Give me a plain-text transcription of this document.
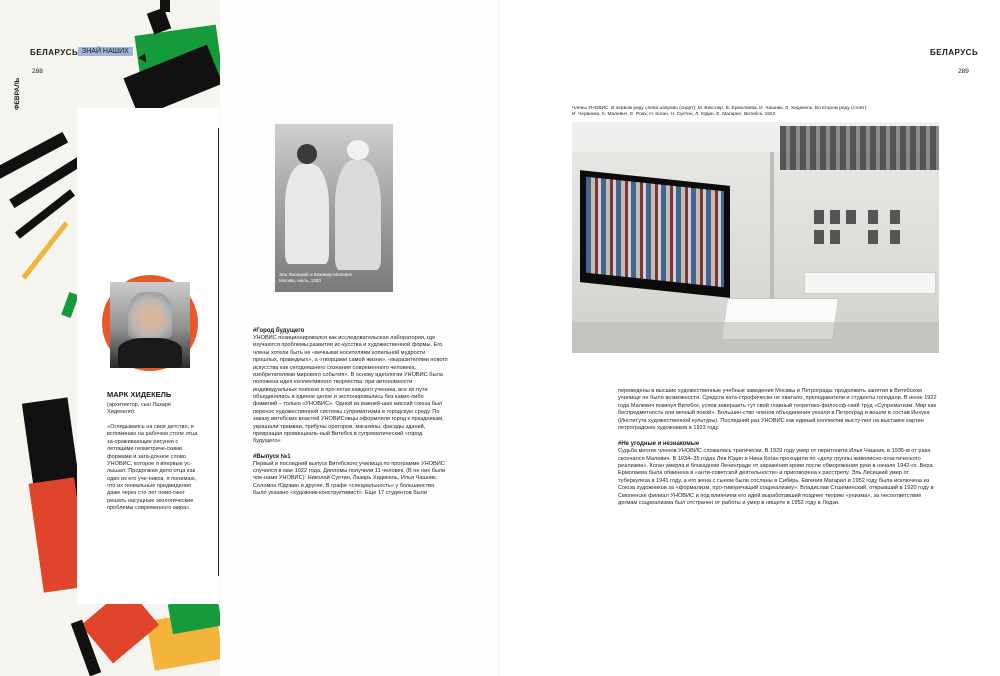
БЕЛАРУСЬ ЗНАЙ НАШИХ
288
ФЕВРАЛЬ
МАРК ХИДЕКЕЛЬ
(архитектор, сын Лазаря Хидекеля):
«Оглядываясь на свое детство, я вспоминаю на рабочем столе отца за-ораживающие рисунки с летящими геометриче-скими формами и зага-дочное слово УНОВИС, которое я впервые ус-лышал. Продолжая дело отца как один из его уче-ников, я понимаю, что их гениальные предвидения даже через сто лет помо-гают решать насущные экологические проблемы современного мира».
Эль Лисицкий и Казимир Малевич. Москва, июль, 1920

#Город будущего

УНОВИС позиционировался как исследовательская лаборатория, где изучаются проблемы развития ис-кусства и художественной формы. Его члены хотели быть не «вечными носителями копильной мудрости прошлых, праведных», а «творцами самой жизни», «выразителями нового искусства как сегодняшнего сознания современного человека, изобретателями мирового события». В основу идеологии УНОВИС была положена идея коллективного творчества: при автономности индивидуальных поисков и про-ектах каждого ученика, все их пути объединялись в единое целое и экспонировались без каких-либо фамилий – только «УНОВИС». Одной из важней-ших миссий союза был перенос художественной системы супрематизма в городскую среду. По заказу витебских властей УНОВИСовцы оформляли город к праздникам, украшали трамваи, трибуны ораторов, магазины, фасады зданий, превращая провинциаль-ный Витебск в супрематический «город будущего».

#Выпуск №1

Первый и последний выпуск Витебского училища по программе УНОВИС случился в мае 1922 года. Дипломы получили 11 человек. (В не них были чле-нами УНОВИС): Николай Суетин, Лазарь Хидекель, Илья Чашник, Соломон Юдовин и другие. В графе «специальность» у большинства было указано «художник-конструктивист». Еще 17 студентов были

БЕЛАРУСЬ
289
Члены УНОВИС. В первом ряду слева направо (сидят): М. Векслер, В. Ермолаева, И. Чашник, Л. Хидекель. Во втором ряду (стоят): И. Червинка, К. Малевич, Е. Роях, Н. Коган, Н. Суетин, Л. Юдин, Е. Магарил. Витебск, 1922

переведены в высшие художественные учебные заведения Москвы и Петрограда: продолжить занятия в Витебском училище не было возможности. Средств ката-строфически не хватало, преподаватели и студенты голодали. В июне 1922 года Малевич покинул Витебск, успев завершить тут свой главный теоретико-философ-ский труд «Супрематизм. Мир как беспредметность или вечный покой». Большин-ство членов объединения уехали в Петроград и вошли в состав Инхука (Института художественной культуры). Последний раз УНОВИС как единый коллектив высту-пил на выставке картин петроградских художников в 1923 году.

#Не угодные и незнакомые

Судьба многих членов УНОВИС сложилась трагически. В 1929 году умер от перитонита Илья Чашник, в 1935-м от рака скончался Малевич. В 1934–35 годах Лев Юдин и Нина Коган проходили по «делу группы живописно-пластического реализма». Коган умерла в блокадном Ленинграде от заражения крови после обморожения руки в начале 1942-го. Вера Ермолаева была обвинена в «анти-советской деятельности» и приговорена к расстрелу. Эль Лисицкий умер от туберкулеза в 1941 году, а его жена с сыном были сосланы в Сибирь. Евгения Магарил в 1952 году была исключена из Союза художников за «формализм, про-тиворечащий соцреализму». Владислав Стшеминский, открывший в 1920 году в Смоленске филиал УНОВИС и под влиянием его идей выработавший позднее теорию «унизма», за несоответствие догмам соцреализма был отстранен от работы и умер в нищете в 1952 году в Лодзи.
